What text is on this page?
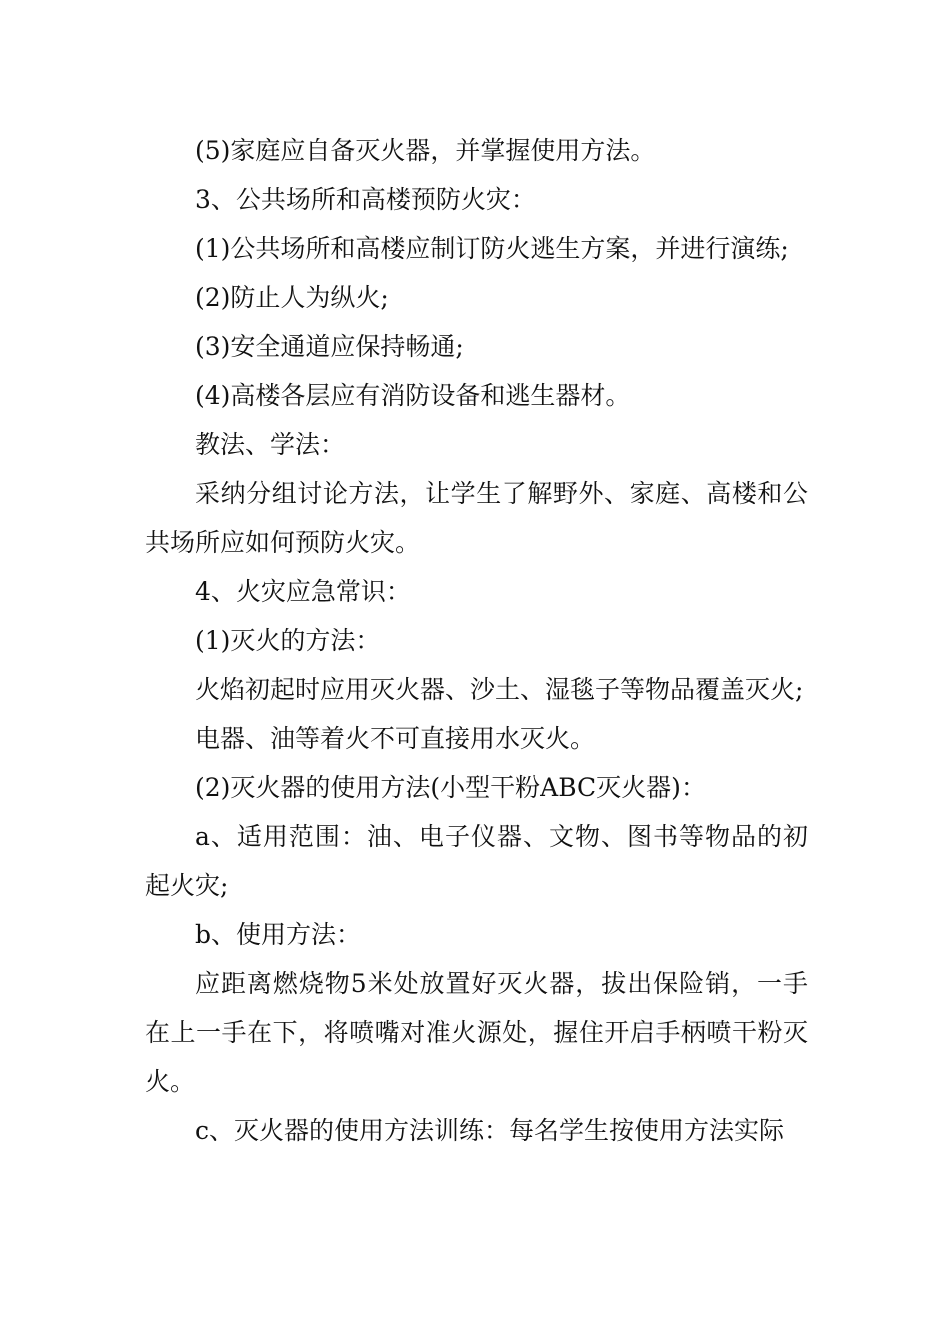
(5)家庭应自备灭火器，并掌握使用方法。

3、公共场所和高楼预防火灾：

(1)公共场所和高楼应制订防火逃生方案，并进行演练;

(2)防止人为纵火;

(3)安全通道应保持畅通;

(4)高楼各层应有消防设备和逃生器材。

教法、学法：

采纳分组讨论方法，让学生了解野外、家庭、高楼和公共场所应如何预防火灾。

4、火灾应急常识：

(1)灭火的方法：

火焰初起时应用灭火器、沙土、湿毯子等物品覆盖灭火;

电器、油等着火不可直接用水灭火。

(2)灭火器的使用方法(小型干粉ABC灭火器)：

a、适用范围：油、电子仪器、文物、图书等物品的初起火灾;

b、使用方法：

应距离燃烧物5米处放置好灭火器，拔出保险销，一手在上一手在下，将喷嘴对准火源处，握住开启手柄喷干粉灭火。

c、灭火器的使用方法训练：每名学生按使用方法实际
